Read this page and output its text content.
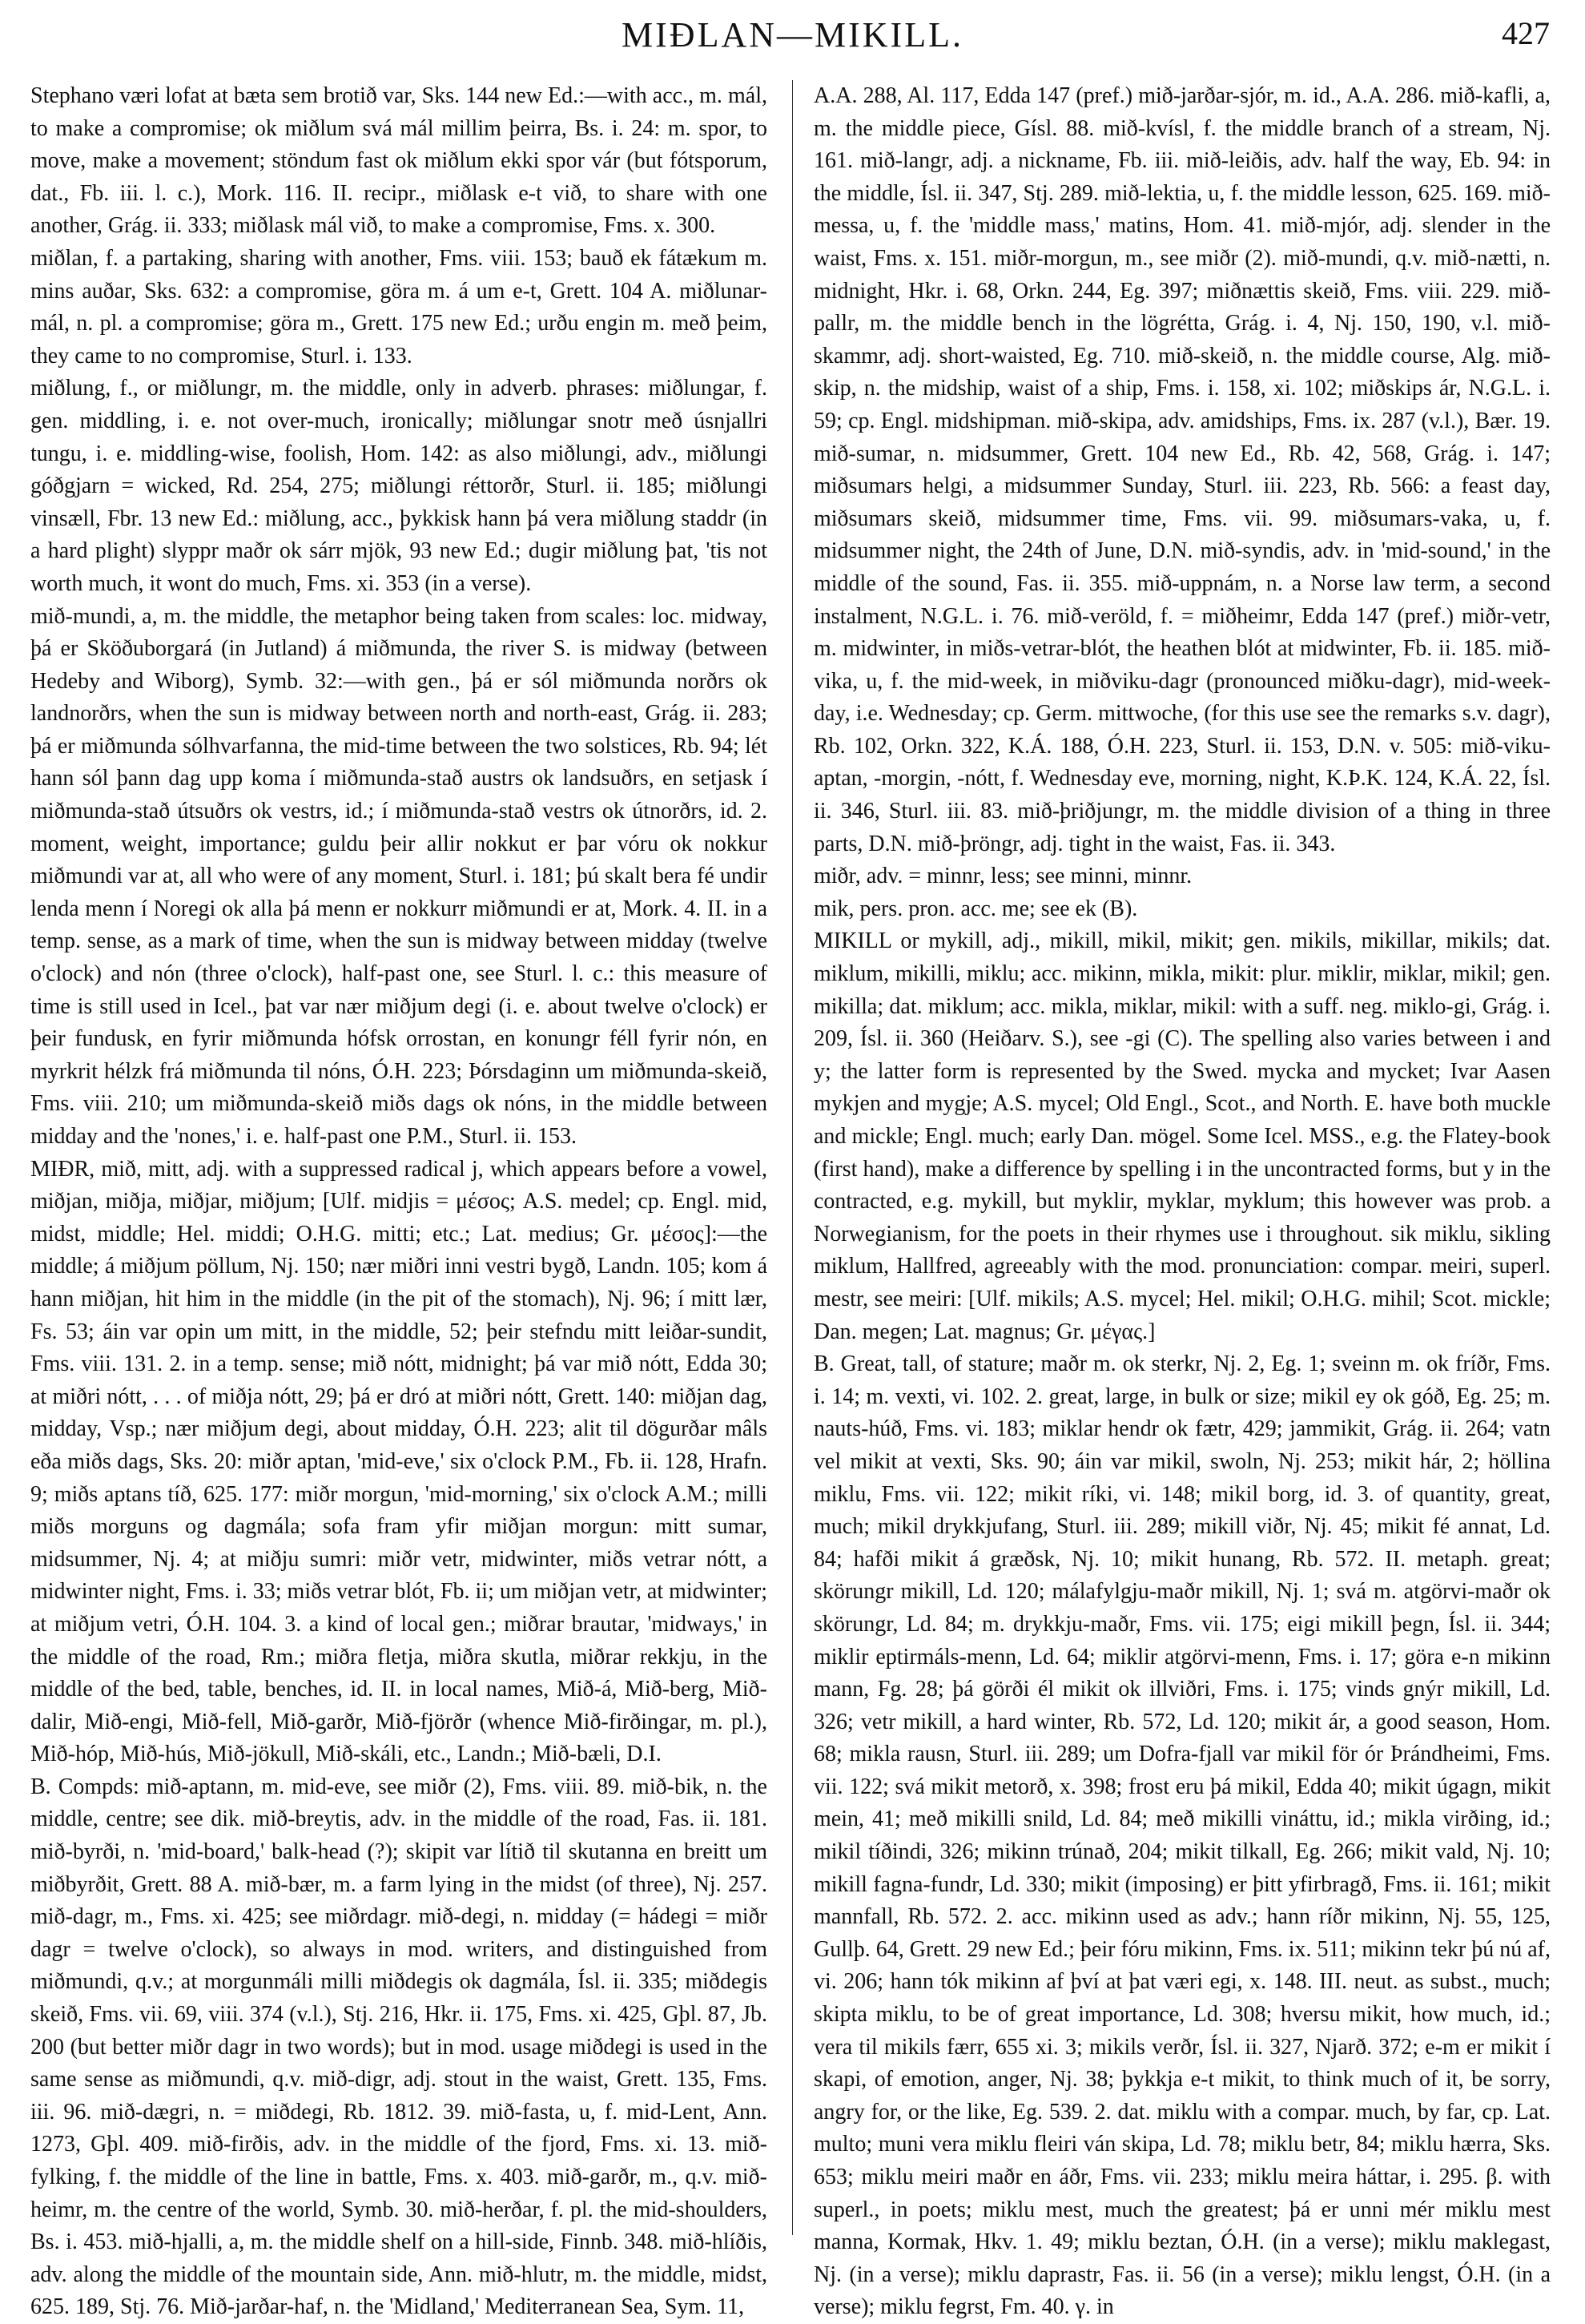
MIÐLAN—MIKILL.	427

Stephano væri lofat at bæta sem brotið var, Sks. 144 new Ed.:—with acc., m. mál, to make a compromise; ok miðlum svá mál millim þeirra, Bs. i. 24: m. spor, to move, make a movement; stöndum fast ok miðlum ekki spor vár (but fótsporum, dat., Fb. iii. l. c.), Mork. 116. II. recipr., miðlask e-t við, to share with one another, Grág. ii. 333; miðlask mál við, to make a compromise, Fms. x. 300.

miðlan, f. a partaking, sharing with another, Fms. viii. 153; bauð ek fátækum m. mins auðar, Sks. 632: a compromise, göra m. á um e-t, Grett. 104 A. miðlunar-mál, n. pl. a compromise; göra m., Grett. 175 new Ed.; urðu engin m. með þeim, they came to no compromise, Sturl. i. 133.

miðlung, f., or miðlungr, m. the middle, only in adverb. phrases: miðlungar, f. gen. middling, i. e. not over-much, ironically; miðlungar snotr með úsnjallri tungu, i. e. middling-wise, foolish, Hom. 142: as also miðlungi, adv., miðlungi góðgjarn = wicked, Rd. 254, 275; miðlungi réttorðr, Sturl. ii. 185; miðlungi vinsæll, Fbr. 13 new Ed.: miðlung, acc., þykkisk hann þá vera miðlung staddr (in a hard plight) slyppr maðr ok sárr mjök, 93 new Ed.; dugir miðlung þat, 'tis not worth much, it wont do much, Fms. xi. 353 (in a verse).

mið-mundi, a, m. the middle, the metaphor being taken from scales: loc. midway, þá er Sköðuborgará (in Jutland) á miðmunda, the river S. is midway (between Hedeby and Wiborg), Symb. 32:—with gen., þá er sól miðmunda norðrs ok landnorðrs, when the sun is midway between north and north-east, Grág. ii. 283; þá er miðmunda sólhvarfanna, the mid-time between the two solstices, Rb. 94; lét hann sól þann dag upp koma í miðmunda-stað austrs ok landsuðrs, en setjask í miðmunda-stað útsuðrs ok vestrs, id.; í miðmunda-stað vestrs ok útnorðrs, id. 2. moment, weight, importance; guldu þeir allir nokkut er þar vóru ok nokkur miðmundi var at, all who were of any moment, Sturl. i. 181; þú skalt bera fé undir lenda menn í Noregi ok alla þá menn er nokkurr miðmundi er at, Mork. 4. II. in a temp. sense, as a mark of time, when the sun is midway between midday (twelve o'clock) and nón (three o'clock), half-past one, see Sturl. l. c.: this measure of time is still used in Icel., þat var nær miðjum degi (i. e. about twelve o'clock) er þeir fundusk, en fyrir miðmunda hófsk orrostan, en konungr féll fyrir nón, en myrkrit hélzk frá miðmunda til nóns, Ó.H. 223; Þórsdaginn um miðmunda-skeið, Fms. viii. 210; um miðmunda-skeið miðs dags ok nóns, in the middle between midday and the 'nones,' i. e. half-past one P.M., Sturl. ii. 153.

MIÐR, mið, mitt, adj. with a suppressed radical j, which appears before a vowel, miðjan, miðja, miðjar, miðjum; [Ulf. midjis = μέσος; A.S. medel; cp. Engl. mid, midst, middle; Hel. middi; O.H.G. mitti; etc.; Lat. medius; Gr. μέσος]:—the middle; á miðjum pöllum, Nj. 150; nær miðri inni vestri bygð, Landn. 105; kom á hann miðjan, hit him in the middle (in the pit of the stomach), Nj. 96; í mitt lær, Fs. 53; áin var opin um mitt, in the middle, 52; þeir stefndu mitt leiðar-sundit, Fms. viii. 131. 2. in a temp. sense; mið nótt, midnight; þá var mið nótt, Edda 30; at miðri nótt, . . . of miðja nótt, 29; þá er dró at miðri nótt, Grett. 140: miðjan dag, midday, Vsp.; nær miðjum degi, about midday, Ó.H. 223; alit til dögurðar mâls eða miðs dags, Sks. 20: miðr aptan, 'mid-eve,' six o'clock P.M., Fb. ii. 128, Hrafn. 9; miðs aptans tíð, 625. 177: miðr morgun, 'mid-morning,' six o'clock A.M.; milli miðs morguns og dagmála; sofa fram yfir miðjan morgun: mitt sumar, midsummer, Nj. 4; at miðju sumri: miðr vetr, midwinter, miðs vetrar nótt, a midwinter night, Fms. i. 33; miðs vetrar blót, Fb. ii; um miðjan vetr, at midwinter; at miðjum vetri, Ó.H. 104. 3. a kind of local gen.; miðrar brautar, 'midways,' in the middle of the road, Rm.; miðra fletja, miðra skutla, miðrar rekkju, in the middle of the bed, table, benches, id. II. in local names, Mið-á, Mið-berg, Mið-dalir, Mið-engi, Mið-fell, Mið-garðr, Mið-fjörðr (whence Mið-firðingar, m. pl.), Mið-hóp, Mið-hús, Mið-jökull, Mið-skáli, etc., Landn.; Mið-bæli, D.I.

B. Compds: mið-aptann, m. mid-eve, see miðr (2), Fms. viii. 89. mið-bik, n. the middle, centre; see dik. mið-breytis, adv. in the middle of the road, Fas. ii. 181. mið-byrði, n. 'mid-board,' balk-head (?); skipit var lítið til skutanna en breitt um miðbyrðit, Grett. 88 A. mið-bær, m. a farm lying in the midst (of three), Nj. 257. mið-dagr, m., Fms. xi. 425; see miðrdagr. mið-degi, n. midday (= hádegi = miðr dagr = twelve o'clock), so always in mod. writers, and distinguished from miðmundi, q.v.; at morgunmáli milli miðdegis ok dagmála, Ísl. ii. 335; miðdegis skeið, Fms. vii. 69, viii. 374 (v.l.), Stj. 216, Hkr. ii. 175, Fms. xi. 425, Gþl. 87, Jb. 200 (but better miðr dagr in two words); but in mod. usage miðdegi is used in the same sense as miðmundi, q.v. mið-digr, adj. stout in the waist, Grett. 135, Fms. iii. 96. mið-dægri, n. = miðdegi, Rb. 1812. 39. mið-fasta, u, f. mid-Lent, Ann. 1273, Gþl. 409. mið-firðis, adv. in the middle of the fjord, Fms. xi. 13. mið-fylking, f. the middle of the line in battle, Fms. x. 403. mið-garðr, m., q.v. mið-heimr, m. the centre of the world, Symb. 30. mið-herðar, f. pl. the mid-shoulders, Bs. i. 453. mið-hjalli, a, m. the middle shelf on a hill-side, Finnb. 348. mið-hlíðis, adv. along the middle of the mountain side, Ann. mið-hlutr, m. the middle, midst, 625. 189, Stj. 76. Mið-jarðar-haf, n. the 'Midland,' Mediterranean Sea, Sym. 11,

A.A. 288, Al. 117, Edda 147 (pref.) mið-jarðar-sjór, m. id., A.A. 286. mið-kafli, a, m. the middle piece, Gísl. 88. mið-kvísl, f. the middle branch of a stream, Nj. 161. mið-langr, adj. a nickname, Fb. iii. mið-leiðis, adv. half the way, Eb. 94: in the middle, Ísl. ii. 347, Stj. 289. mið-lektia, u, f. the middle lesson, 625. 169. mið-messa, u, f. the 'middle mass,' matins, Hom. 41. mið-mjór, adj. slender in the waist, Fms. x. 151. miðr-morgun, m., see miðr (2). mið-mundi, q.v. mið-nætti, n. midnight, Hkr. i. 68, Orkn. 244, Eg. 397; miðnættis skeið, Fms. viii. 229. mið-pallr, m. the middle bench in the lögrétta, Grág. i. 4, Nj. 150, 190, v.l. mið-skammr, adj. short-waisted, Eg. 710. mið-skeið, n. the middle course, Alg. mið-skip, n. the midship, waist of a ship, Fms. i. 158, xi. 102; miðskips ár, N.G.L. i. 59; cp. Engl. midshipman. mið-skipa, adv. amidships, Fms. ix. 287 (v.l.), Bær. 19. mið-sumar, n. midsummer, Grett. 104 new Ed., Rb. 42, 568, Grág. i. 147; miðsumars helgi, a midsummer Sunday, Sturl. iii. 223, Rb. 566: a feast day, miðsumars skeið, midsummer time, Fms. vii. 99. miðsumars-vaka, u, f. midsummer night, the 24th of June, D.N. mið-syndis, adv. in 'mid-sound,' in the middle of the sound, Fas. ii. 355. mið-uppnám, n. a Norse law term, a second instalment, N.G.L. i. 76. mið-veröld, f. = miðheimr, Edda 147 (pref.) miðr-vetr, m. midwinter, in miðs-vetrar-blót, the heathen blót at midwinter, Fb. ii. 185. mið-vika, u, f. the mid-week, in miðviku-dagr (pronounced miðku-dagr), mid-week-day, i.e. Wednesday; cp. Germ. mittwoche, (for this use see the remarks s.v. dagr), Rb. 102, Orkn. 322, K.Á. 188, Ó.H. 223, Sturl. ii. 153, D.N. v. 505: mið-viku-aptan, -morgin, -nótt, f. Wednesday eve, morning, night, K.Þ.K. 124, K.Á. 22, Ísl. ii. 346, Sturl. iii. 83. mið-þriðjungr, m. the middle division of a thing in three parts, D.N. mið-þröngr, adj. tight in the waist, Fas. ii. 343.

miðr, adv. = minnr, less; see minni, minnr.

mik, pers. pron. acc. me; see ek (B).

MIKILL or mykill, adj., mikill, mikil, mikit; gen. mikils, mikillar, mikils; dat. miklum, mikilli, miklu; acc. mikinn, mikla, mikit: plur. miklir, miklar, mikil; gen. mikilla; dat. miklum; acc. mikla, miklar, mikil: with a suff. neg. miklo-gi, Grág. i. 209, Ísl. ii. 360 (Heiðarv. S.), see -gi (C). The spelling also varies between i and y; the latter form is represented by the Swed. mycka and mycket; Ivar Aasen mykjen and mygje; A.S. mycel; Old Engl., Scot., and North. E. have both muckle and mickle; Engl. much; early Dan. mögel. Some Icel. MSS., e.g. the Flatey-book (first hand), make a difference by spelling i in the uncontracted forms, but y in the contracted, e.g. mykill, but myklir, myklar, myklum; this however was prob. a Norwegianism, for the poets in their rhymes use i throughout. sik miklu, sikling miklum, Hallfred, agreeably with the mod. pronunciation: compar. meiri, superl. mestr, see meiri: [Ulf. mikils; A.S. mycel; Hel. mikil; O.H.G. mihil; Scot. mickle; Dan. megen; Lat. magnus; Gr. μέγας.]

B. Great, tall, of stature; maðr m. ok sterkr, Nj. 2, Eg. 1; sveinn m. ok fríðr, Fms. i. 14; m. vexti, vi. 102. 2. great, large, in bulk or size; mikil ey ok góð, Eg. 25; m. nauts-húð, Fms. vi. 183; miklar hendr ok fætr, 429; jammikit, Grág. ii. 264; vatn vel mikit at vexti, Sks. 90; áin var mikil, swoln, Nj. 253; mikit hár, 2; höllina miklu, Fms. vii. 122; mikit ríki, vi. 148; mikil borg, id. 3. of quantity, great, much; mikil drykkjufang, Sturl. iii. 289; mikill viðr, Nj. 45; mikit fé annat, Ld. 84; hafði mikit á græðsk, Nj. 10; mikit hunang, Rb. 572. II. metaph. great; skörungr mikill, Ld. 120; málafylgju-maðr mikill, Nj. 1; svá m. atgörvi-maðr ok skörungr, Ld. 84; m. drykkju-maðr, Fms. vii. 175; eigi mikill þegn, Ísl. ii. 344; miklir eptirmáls-menn, Ld. 64; miklir atgörvi-menn, Fms. i. 17; göra e-n mikinn mann, Fg. 28; þá görði él mikit ok illviðri, Fms. i. 175; vinds gnýr mikill, Ld. 326; vetr mikill, a hard winter, Rb. 572, Ld. 120; mikit ár, a good season, Hom. 68; mikla rausn, Sturl. iii. 289; um Dofra-fjall var mikil för ór Þrándheimi, Fms. vii. 122; svá mikit metorð, x. 398; frost eru þá mikil, Edda 40; mikit úgagn, mikit mein, 41; með mikilli snild, Ld. 84; með mikilli vináttu, id.; mikla virðing, id.; mikil tíðindi, 326; mikinn trúnað, 204; mikit tilkall, Eg. 266; mikit vald, Nj. 10; mikill fagna-fundr, Ld. 330; mikit (imposing) er þitt yfirbragð, Fms. ii. 161; mikit mannfall, Rb. 572. 2. acc. mikinn used as adv.; hann ríðr mikinn, Nj. 55, 125, Gullþ. 64, Grett. 29 new Ed.; þeir fóru mikinn, Fms. ix. 511; mikinn tekr þú nú af, vi. 206; hann tók mikinn af því at þat væri egi, x. 148. III. neut. as subst., much; skipta miklu, to be of great importance, Ld. 308; hversu mikit, how much, id.; vera til mikils færr, 655 xi. 3; mikils verðr, Ísl. ii. 327, Njarð. 372; e-m er mikit í skapi, of emotion, anger, Nj. 38; þykkja e-t mikit, to think much of it, be sorry, angry for, or the like, Eg. 539. 2. dat. miklu with a compar. much, by far, cp. Lat. multo; muni vera miklu fleiri ván skipa, Ld. 78; miklu betr, 84; miklu hærra, Sks. 653; miklu meiri maðr en áðr, Fms. vii. 233; miklu meira háttar, i. 295. β. with superl., in poets; miklu mest, much the greatest; þá er unni mér miklu mest manna, Kormak, Hkv. 1. 49; miklu beztan, Ó.H. (in a verse); miklu maklegast, Nj. (in a verse); miklu daprastr, Fas. ii. 56 (in a verse); miklu lengst, Ó.H. (in a verse); miklu fegrst, Fm. 40. γ. in
